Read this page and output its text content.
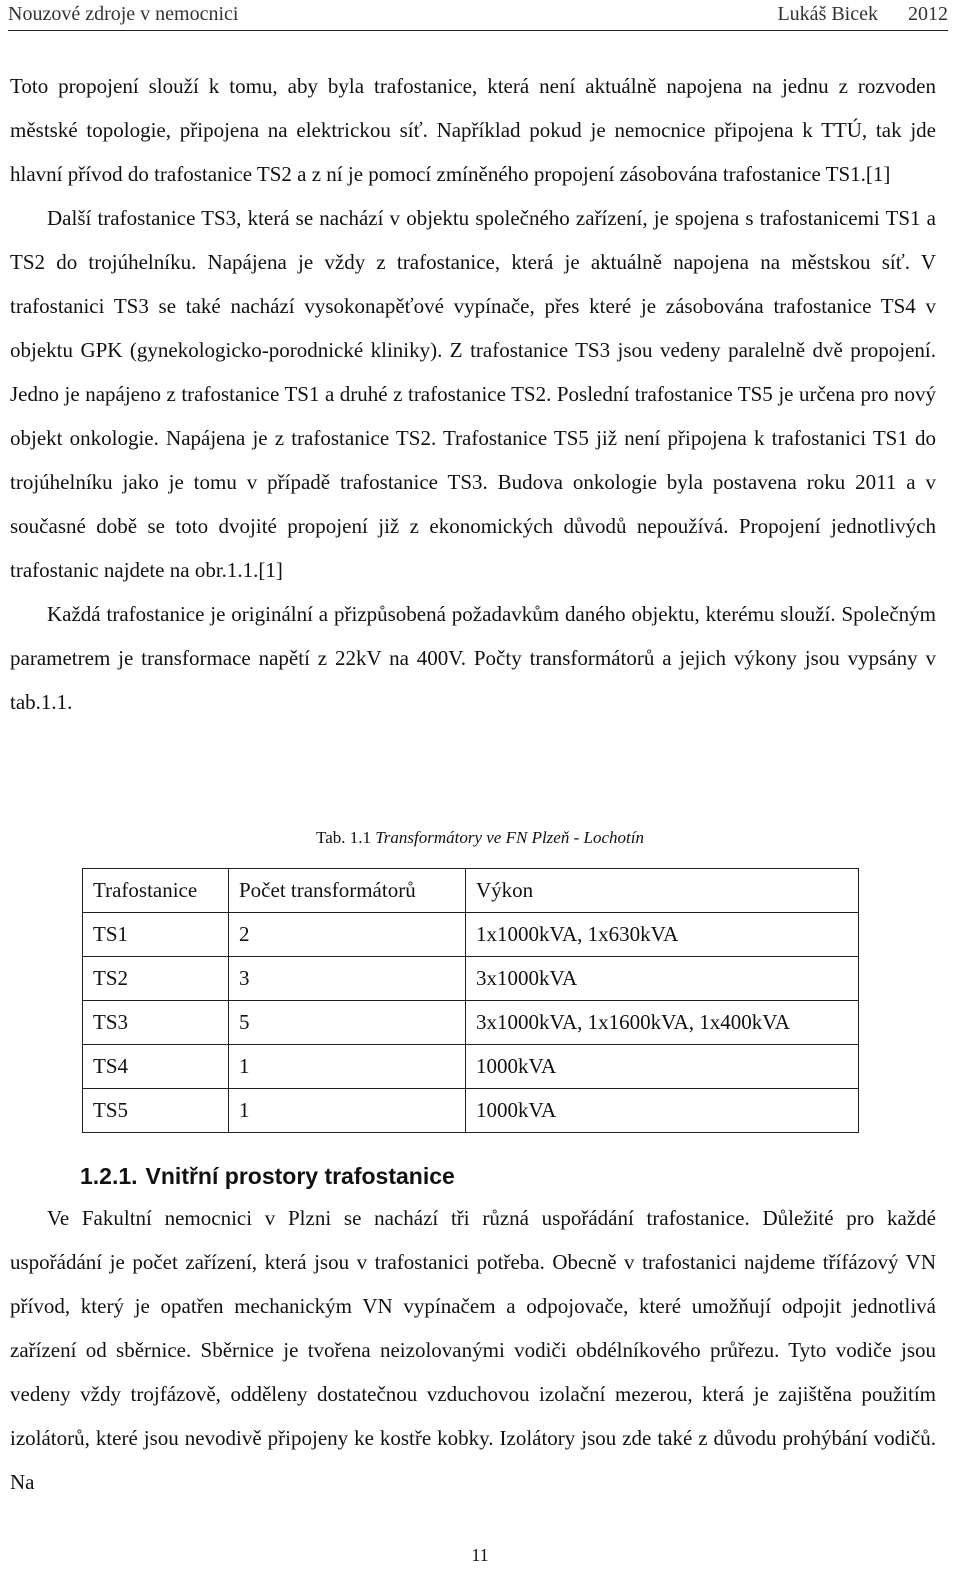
Nouzové zdroje v nemocnici	Lukáš Bicek 2012

Toto propojení slouží k tomu, aby byla trafostanice, která není aktuálně napojena na jednu z rozvoden městské topologie, připojena na elektrickou síť. Například pokud je nemocnice připojena k TTÚ, tak jde hlavní přívod do trafostanice TS2 a z ní je pomocí zmíněného propojení zásobována trafostanice TS1.[1]

Další trafostanice TS3, která se nachází v objektu společného zařízení, je spojena s trafostanicemi TS1 a TS2 do trojúhelníku. Napájena je vždy z trafostanice, která je aktuálně napojena na městskou síť. V trafostanici TS3 se také nachází vysokonapěťové vypínače, přes které je zásobována trafostanice TS4 v objektu GPK (gynekologicko-porodnické kliniky). Z trafostanice TS3 jsou vedeny paralelně dvě propojení. Jedno je napájeno z trafostanice TS1 a druhé z trafostanice TS2. Poslední trafostanice TS5 je určena pro nový objekt onkologie. Napájena je z trafostanice TS2. Trafostanice TS5 již není připojena k trafostanici TS1 do trojúhelníku jako je tomu v případě trafostanice TS3. Budova onkologie byla postavena roku 2011 a v současné době se toto dvojité propojení již z ekonomických důvodů nepoužívá. Propojení jednotlivých trafostanic najdete na obr.1.1.[1]

Každá trafostanice je originální a přizpůsobená požadavkům daného objektu, kterému slouží. Společným parametrem je transformace napětí z 22kV na 400V. Počty transformátorů a jejich výkony jsou vypsány v tab.1.1.

Tab. 1.1 Transformátory ve FN Plzeň - Lochotín
Trafostanice	Počet transformátorů	Výkon
TS1	2	1x1000kVA, 1x630kVA
TS2	3	3x1000kVA
TS3	5	3x1000kVA, 1x1600kVA, 1x400kVA
TS4	1	1000kVA
TS5	1	1000kVA
1.2.1. Vnitřní prostory trafostanice

Ve Fakultní nemocnici v Plzni se nachází tři různá uspořádání trafostanice. Důležité pro každé uspořádání je počet zařízení, která jsou v trafostanici potřeba. Obecně v trafostanici najdeme třífázový VN přívod, který je opatřen mechanickým VN vypínačem a odpojovače, které umožňují odpojit jednotlivá zařízení od sběrnice. Sběrnice je tvořena neizolovanými vodiči obdélníkového průřezu. Tyto vodiče jsou vedeny vždy trojfázově, odděleny dostatečnou vzduchovou izolační mezerou, která je zajištěna použitím izolátorů, které jsou nevodivě připojeny ke kostře kobky. Izolátory jsou zde také z důvodu prohýbání vodičů. Na

11
